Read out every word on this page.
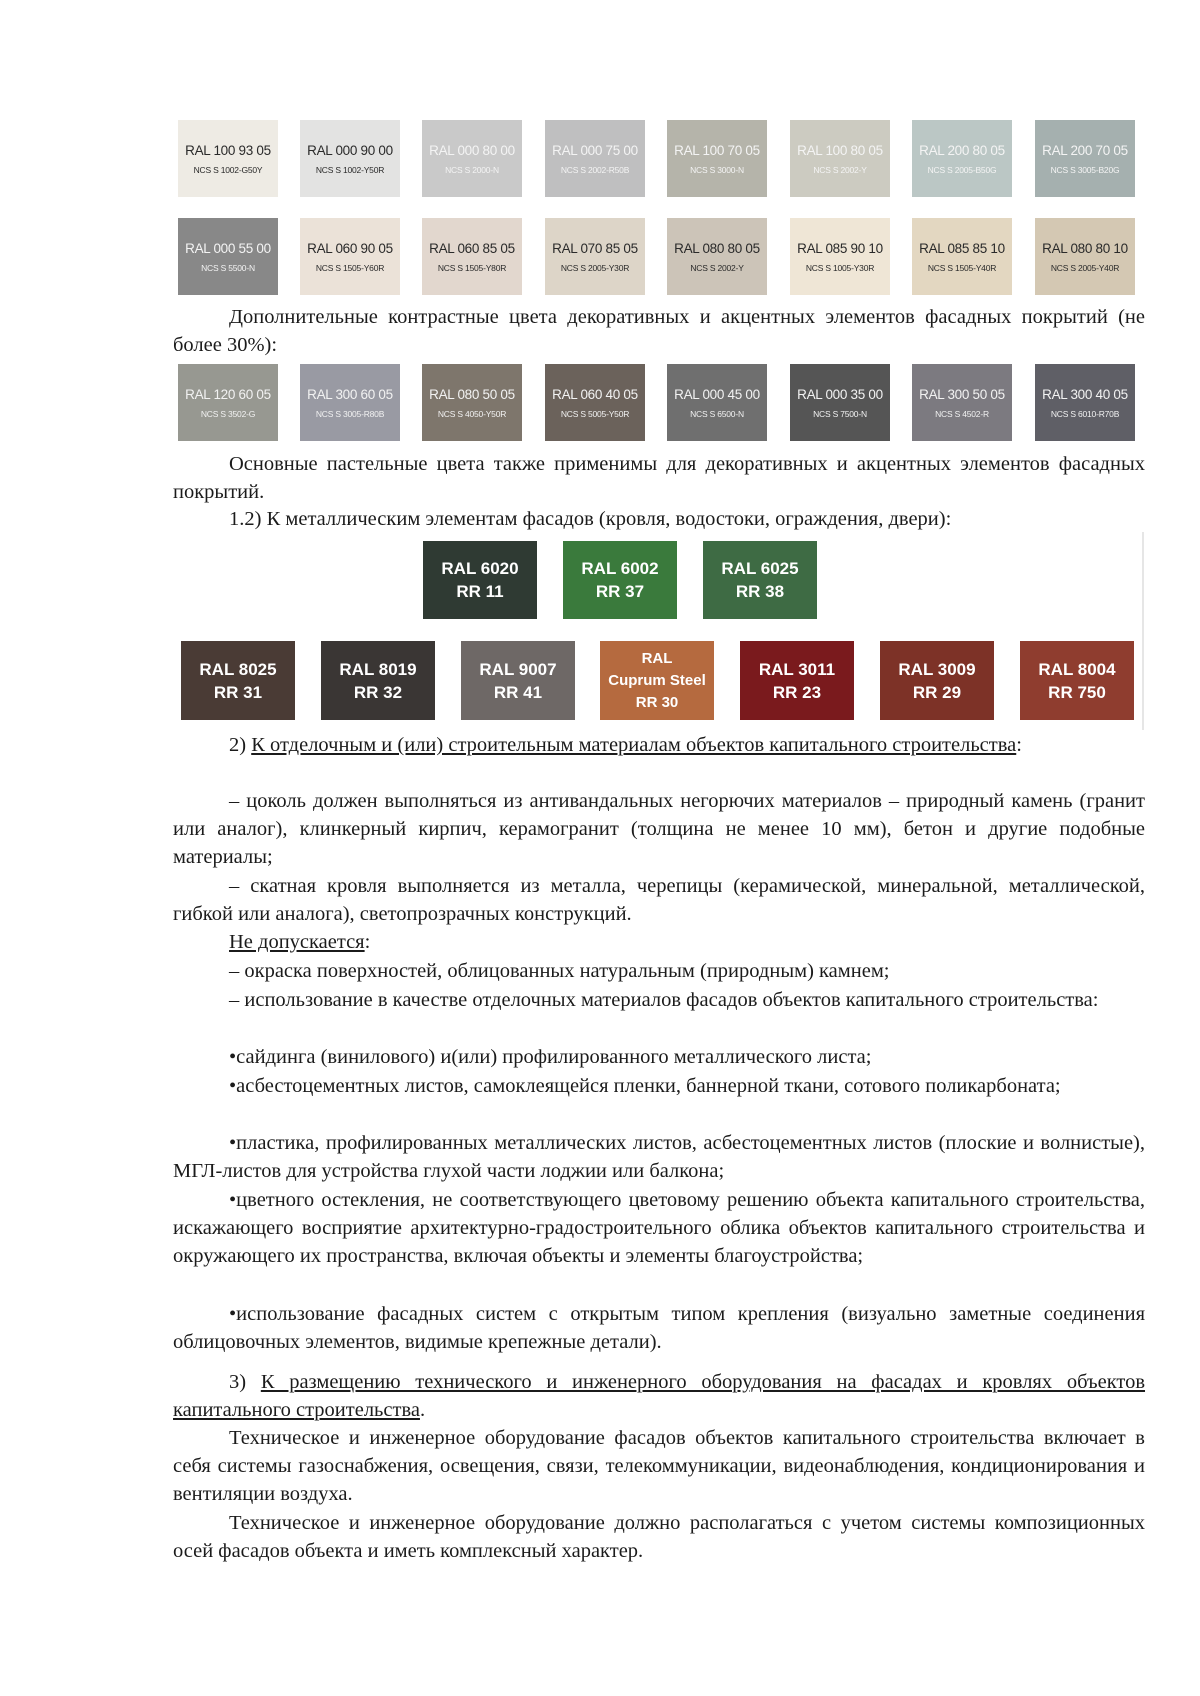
RAL 100 93 05
NCS S 1002-G50Y
RAL 000 90 00
NCS S 1002-Y50R
RAL 000 80 00
NCS S 2000-N
RAL 000 75 00
NCS S 2002-R50B
RAL 100 70 05
NCS S 3000-N
RAL 100 80 05
NCS S 2002-Y
RAL 200 80 05
NCS S 2005-B50G
RAL 200 70 05
NCS S 3005-B20G
RAL 000 55 00
NCS S 5500-N
RAL 060 90 05
NCS S 1505-Y60R
RAL 060 85 05
NCS S 1505-Y80R
RAL 070 85 05
NCS S 2005-Y30R
RAL 080 80 05
NCS S 2002-Y
RAL 085 90 10
NCS S 1005-Y30R
RAL 085 85 10
NCS S 1505-Y40R
RAL 080 80 10
NCS S 2005-Y40R
RAL 120 60 05
NCS S 3502-G
RAL 300 60 05
NCS S 3005-R80B
RAL 080 50 05
NCS S 4050-Y50R
RAL 060 40 05
NCS S 5005-Y50R
RAL 000 45 00
NCS S 6500-N
RAL 000 35 00
NCS S 7500-N
RAL 300 50 05
NCS S 4502-R
RAL 300 40 05
NCS S 6010-R70B
Дополнительные контрастные цвета декоративных и акцентных элементов фасадных покрытий (не более 30%):
Основные пастельные цвета также применимы для декоративных и акцентных элементов фасадных покрытий.
1.2) К металлическим элементам фасадов (кровля, водостоки, ограждения, двери):
RAL 6020
RR 11
RAL 6002
RR 37
RAL 6025
RR 38
RAL 8025
RR 31
RAL 8019
RR 32
RAL 9007
RR 41
RAL
Cuprum Steel
RR 30
RAL 3011
RR 23
RAL 3009
RR 29
RAL 8004
RR 750
2) К отделочным и (или) строительным материалам объектов капитального строительства:
– цоколь должен выполняться из антивандальных негорючих материалов – природный камень (гранит или аналог), клинкерный кирпич, керамогранит (толщина не менее 10 мм), бетон и другие подобные материалы;
– скатная кровля выполняется из металла, черепицы (керамической, минеральной, металлической, гибкой или аналога), светопрозрачных конструкций.
Не допускается:
– окраска поверхностей, облицованных натуральным (природным) камнем;
– использование в качестве отделочных материалов фасадов объектов капитального строительства:
•сайдинга (винилового) и(или) профилированного металлического листа;
•асбестоцементных листов, самоклеящейся пленки, баннерной ткани, сотового поликарбоната;
•пластика, профилированных металлических листов, асбестоцементных листов (плоские и волнистые), МГЛ-листов для устройства глухой части лоджии или балкона;
•цветного остекления, не соответствующего цветовому решению объекта капитального строительства, искажающего восприятие архитектурно-градостроительного облика объектов капитального строительства и окружающего их пространства, включая объекты и элементы благоустройства;
•использование фасадных систем с открытым типом крепления (визуально заметные соединения облицовочных элементов, видимые крепежные детали).
3) К размещению технического и инженерного оборудования на фасадах и кровлях объектов капитального строительства.
Техническое и инженерное оборудование фасадов объектов капитального строительства включает в себя системы газоснабжения, освещения, связи, телекоммуникации, видеонаблюдения, кондиционирования и вентиляции воздуха.
Техническое и инженерное оборудование должно располагаться с учетом системы композиционных осей фасадов объекта и иметь комплексный характер.
